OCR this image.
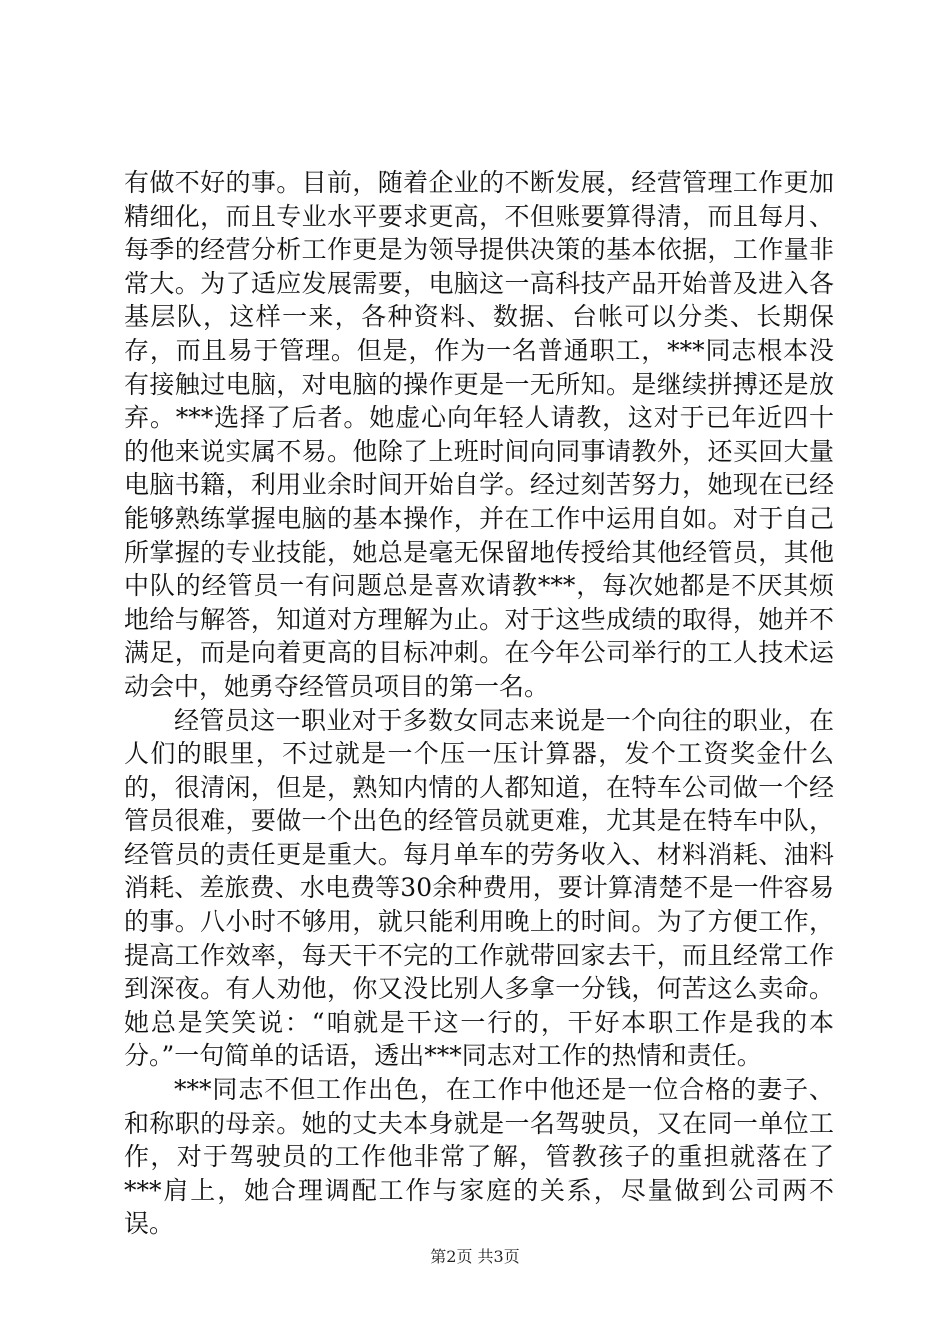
有做不好的事。目前，随着企业的不断发展，经营管理工作更加精细化，而且专业水平要求更高，不但账要算得清，而且每月、每季的经营分析工作更是为领导提供决策的基本依据，工作量非常大。为了适应发展需要，电脑这一高科技产品开始普及进入各基层队，这样一来，各种资料、数据、台帐可以分类、长期保存，而且易于管理。但是，作为一名普通职工，***同志根本没有接触过电脑，对电脑的操作更是一无所知。是继续拼搏还是放弃。***选择了后者。她虚心向年轻人请教，这对于已年近四十的他来说实属不易。他除了上班时间向同事请教外，还买回大量电脑书籍，利用业余时间开始自学。经过刻苦努力，她现在已经能够熟练掌握电脑的基本操作，并在工作中运用自如。对于自己所掌握的专业技能，她总是毫无保留地传授给其他经管员，其他中队的经管员一有问题总是喜欢请教***，每次她都是不厌其烦地给与解答，知道对方理解为止。对于这些成绩的取得，她并不满足，而是向着更高的目标冲刺。在今年公司举行的工人技术运动会中，她勇夺经管员项目的第一名。

经管员这一职业对于多数女同志来说是一个向往的职业，在人们的眼里，不过就是一个压一压计算器，发个工资奖金什么的，很清闲，但是，熟知内情的人都知道，在特车公司做一个经管员很难，要做一个出色的经管员就更难，尤其是在特车中队，经管员的责任更是重大。每月单车的劳务收入、材料消耗、油料消耗、差旅费、水电费等30余种费用，要计算清楚不是一件容易的事。八小时不够用，就只能利用晚上的时间。为了方便工作，提高工作效率，每天干不完的工作就带回家去干，而且经常工作到深夜。有人劝他，你又没比别人多拿一分钱，何苦这么卖命。她总是笑笑说：“咱就是干这一行的，干好本职工作是我的本分。”一句简单的话语，透出***同志对工作的热情和责任。

***同志不但工作出色，在工作中他还是一位合格的妻子、和称职的母亲。她的丈夫本身就是一名驾驶员，又在同一单位工作，对于驾驶员的工作他非常了解，管教孩子的重担就落在了***肩上，她合理调配工作与家庭的关系，尽量做到公司两不误。

第2页 共3页
